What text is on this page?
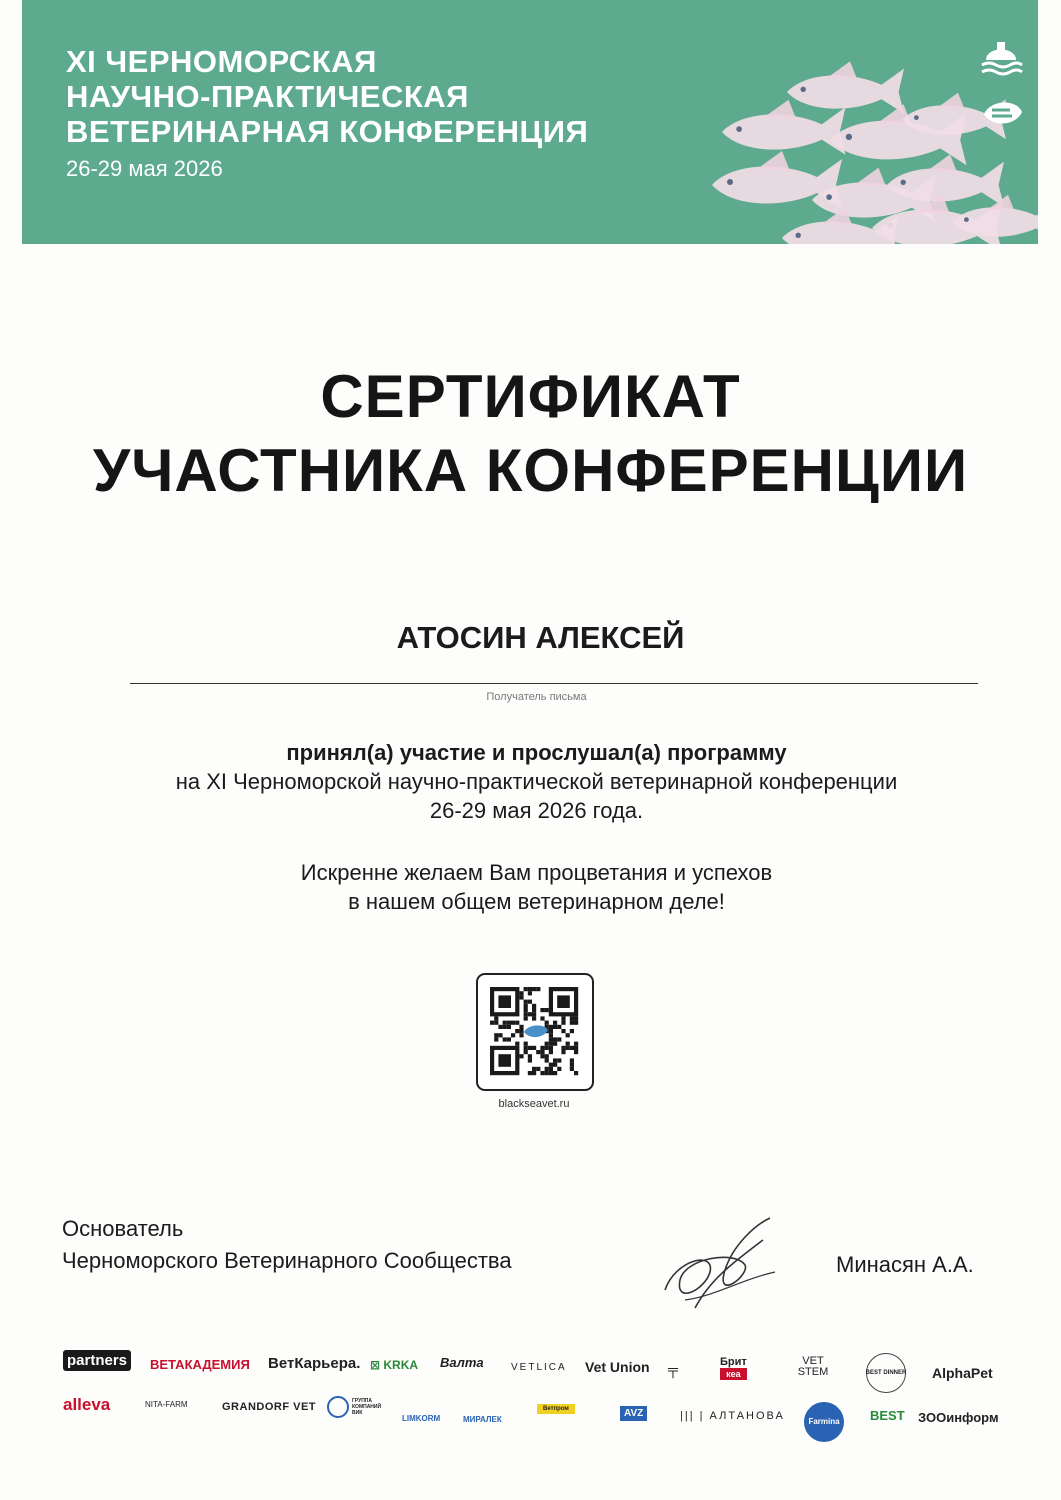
XI ЧЕРНОМОРСКАЯ
НАУЧНО-ПРАКТИЧЕСКАЯ
ВЕТЕРИНАРНАЯ КОНФЕРЕНЦИЯ
26-29 мая 2026
СЕРТИФИКАТ
УЧАСТНИКА КОНФЕРЕНЦИИ
АТОСИН АЛЕКСЕЙ
Получатель письма
принял(а) участие и прослушал(а) программу
на XI Черноморской научно-практической ветеринарной конференции
26-29 мая 2026 года.
Искренне желаем Вам процветания и успехов
в нашем общем ветеринарном деле!
blackseavet.ru
Основатель
Черноморского Ветеринарного Сообщества	Минасян А.А.
partners	ВЕТАКАДЕМИЯ ВетКарьера. ⊠ KRKA Валта	VETLICA Vet Union ╤	Брит
кеа
VET STEM	BEST DINNER AlphaPet
alleva	NITA-FARM	GRANDORF VET	ГРУППА КОМПАНИЙ ВИК
LIMKORM	МИРАЛЕК
Ветпром	AVZ	||| | АЛТАНОВА	Farmina	BEST ЗООинформ
